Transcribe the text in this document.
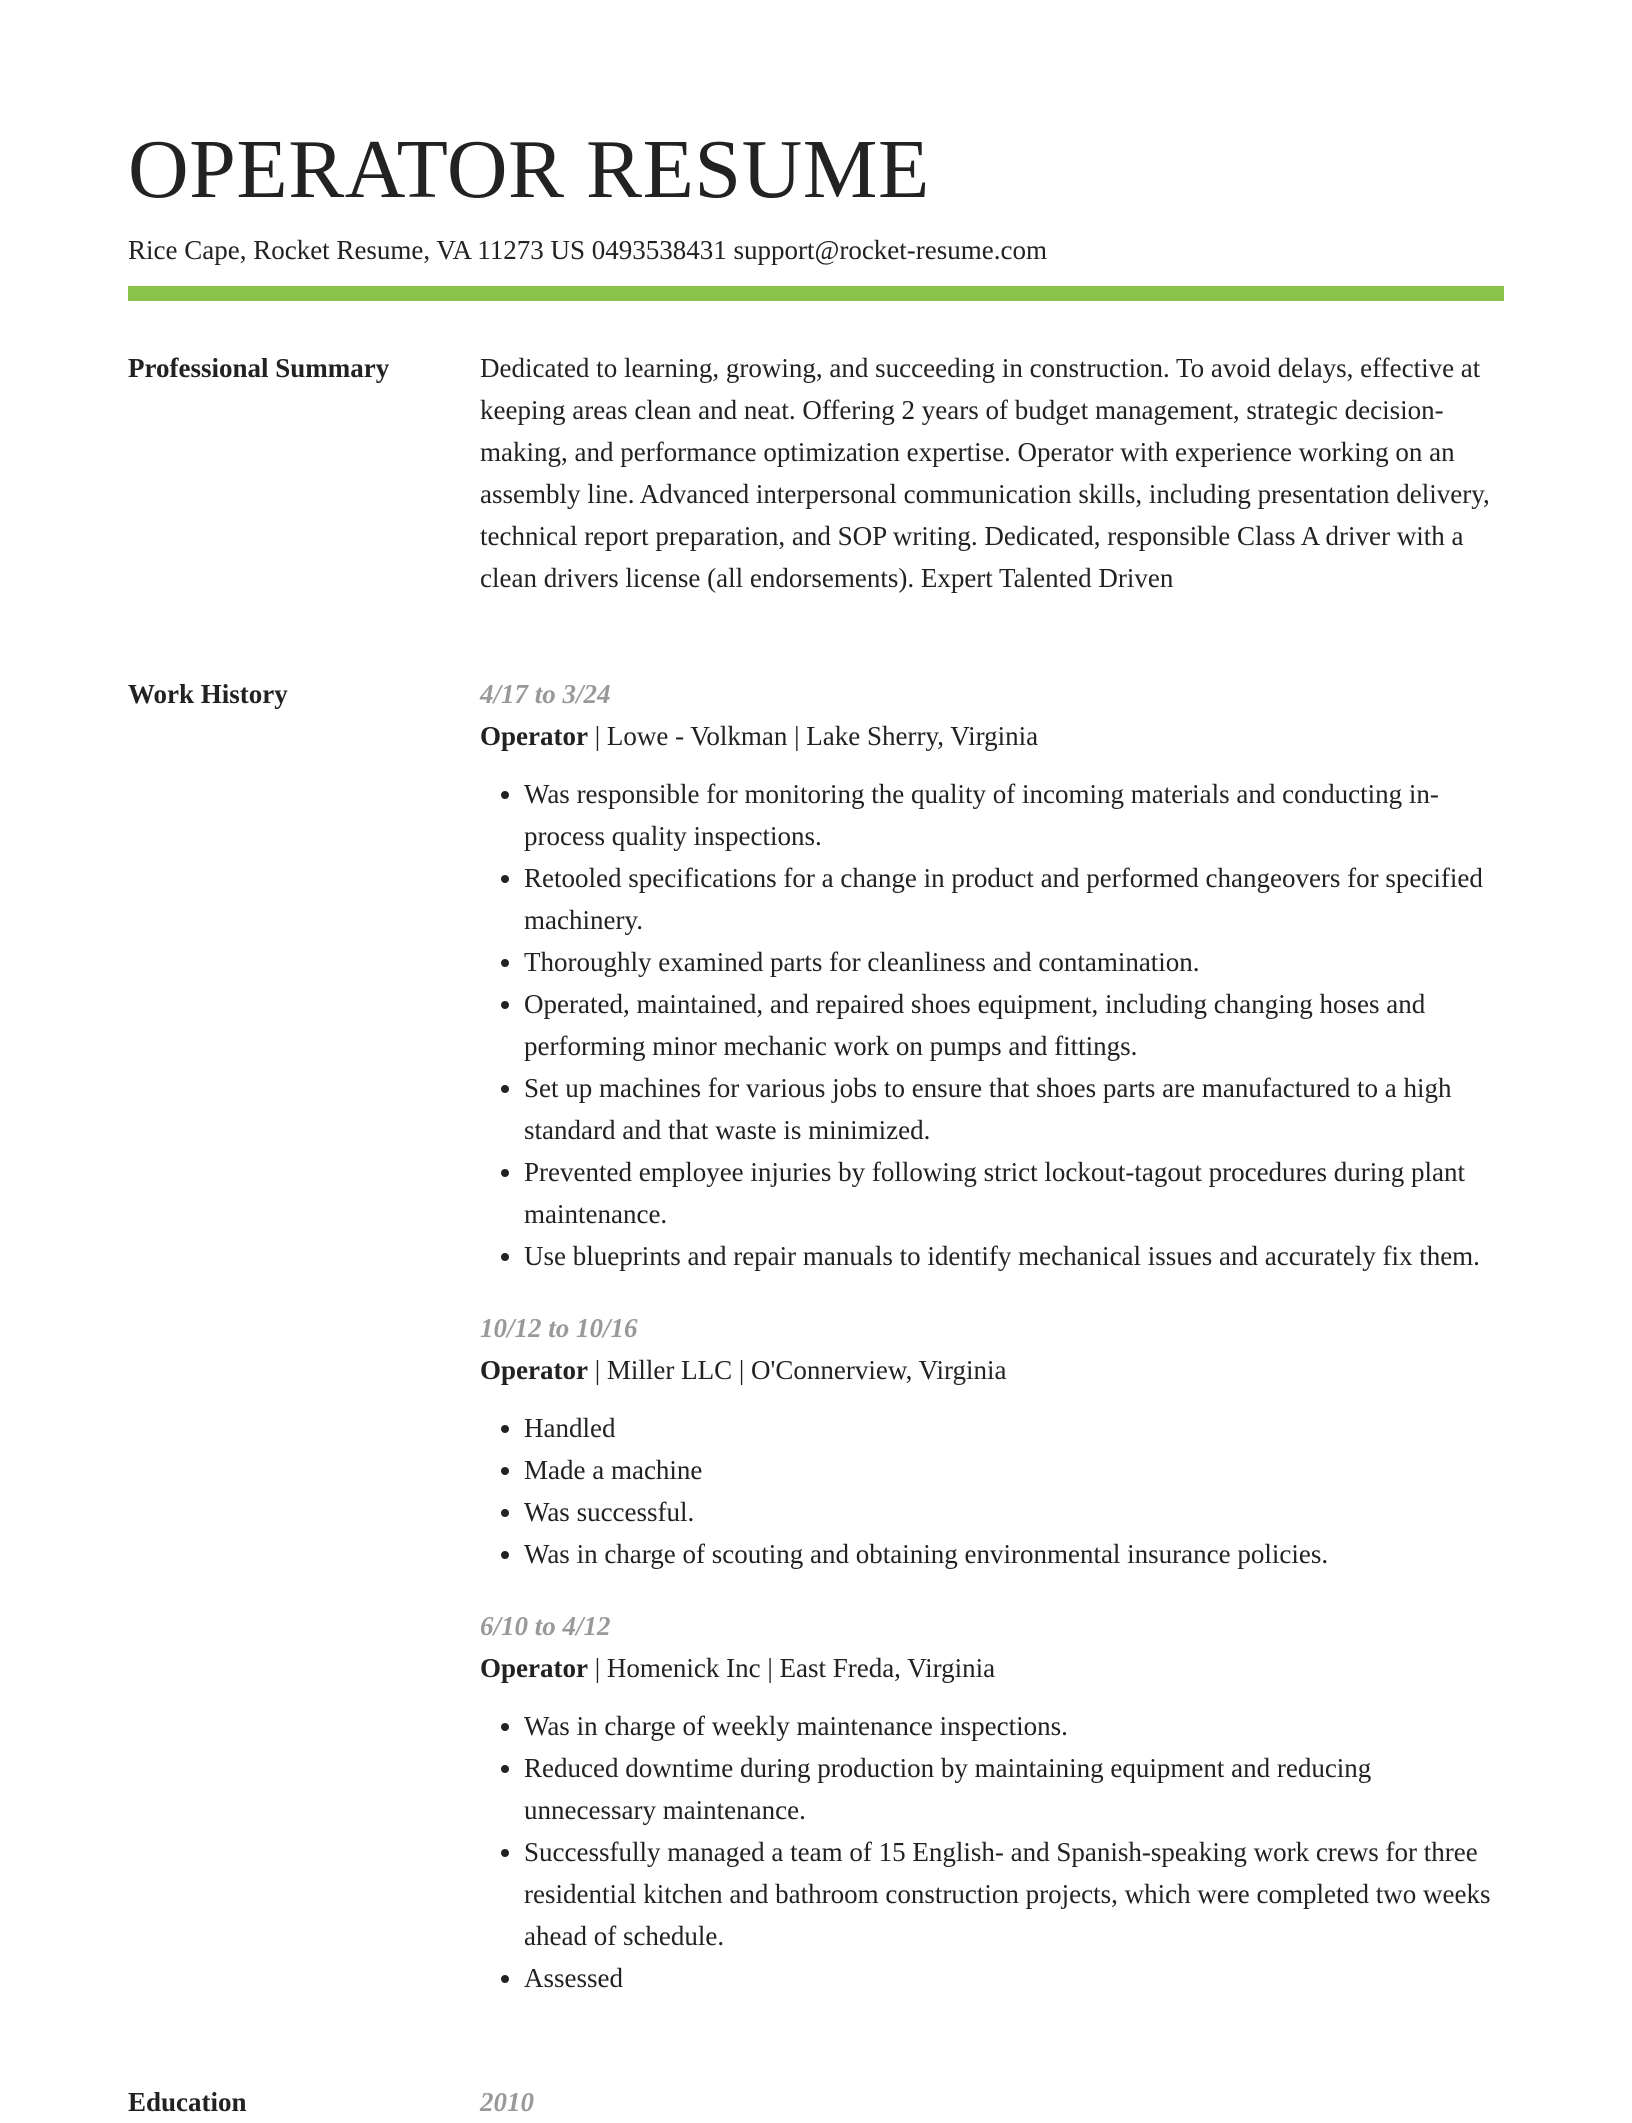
OPERATOR RESUME
Rice Cape, Rocket Resume, VA 11273 US 0493538431 support@rocket-resume.com
Professional Summary	Dedicated to learning, growing, and succeeding in construction. To avoid delays, effective at keeping areas clean and neat. Offering 2 years of budget management, strategic decision-making, and performance optimization expertise. Operator with experience working on an assembly line. Advanced interpersonal communication skills, including presentation delivery, technical report preparation, and SOP writing. Dedicated, responsible Class A driver with a clean drivers license (all endorsements). Expert Talented Driven

Work History	4/17 to 3/24
Operator | Lowe - Volkman | Lake Sherry, Virginia
• Was responsible for monitoring the quality of incoming materials and conducting in-process quality inspections.
• Retooled specifications for a change in product and performed changeovers for specified machinery.
• Thoroughly examined parts for cleanliness and contamination.
• Operated, maintained, and repaired shoes equipment, including changing hoses and performing minor mechanic work on pumps and fittings.
• Set up machines for various jobs to ensure that shoes parts are manufactured to a high standard and that waste is minimized.
• Prevented employee injuries by following strict lockout-tagout procedures during plant maintenance.
• Use blueprints and repair manuals to identify mechanical issues and accurately fix them.
10/12 to 10/16
Operator | Miller LLC | O'Connerview, Virginia
• Handled
• Made a machine
• Was successful.
• Was in charge of scouting and obtaining environmental insurance policies.
6/10 to 4/12
Operator | Homenick Inc | East Freda, Virginia
• Was in charge of weekly maintenance inspections.
• Reduced downtime during production by maintaining equipment and reducing unnecessary maintenance.
• Successfully managed a team of 15 English- and Spanish-speaking work crews for three residential kitchen and bathroom construction projects, which were completed two weeks ahead of schedule.
• Assessed
Education	2010
